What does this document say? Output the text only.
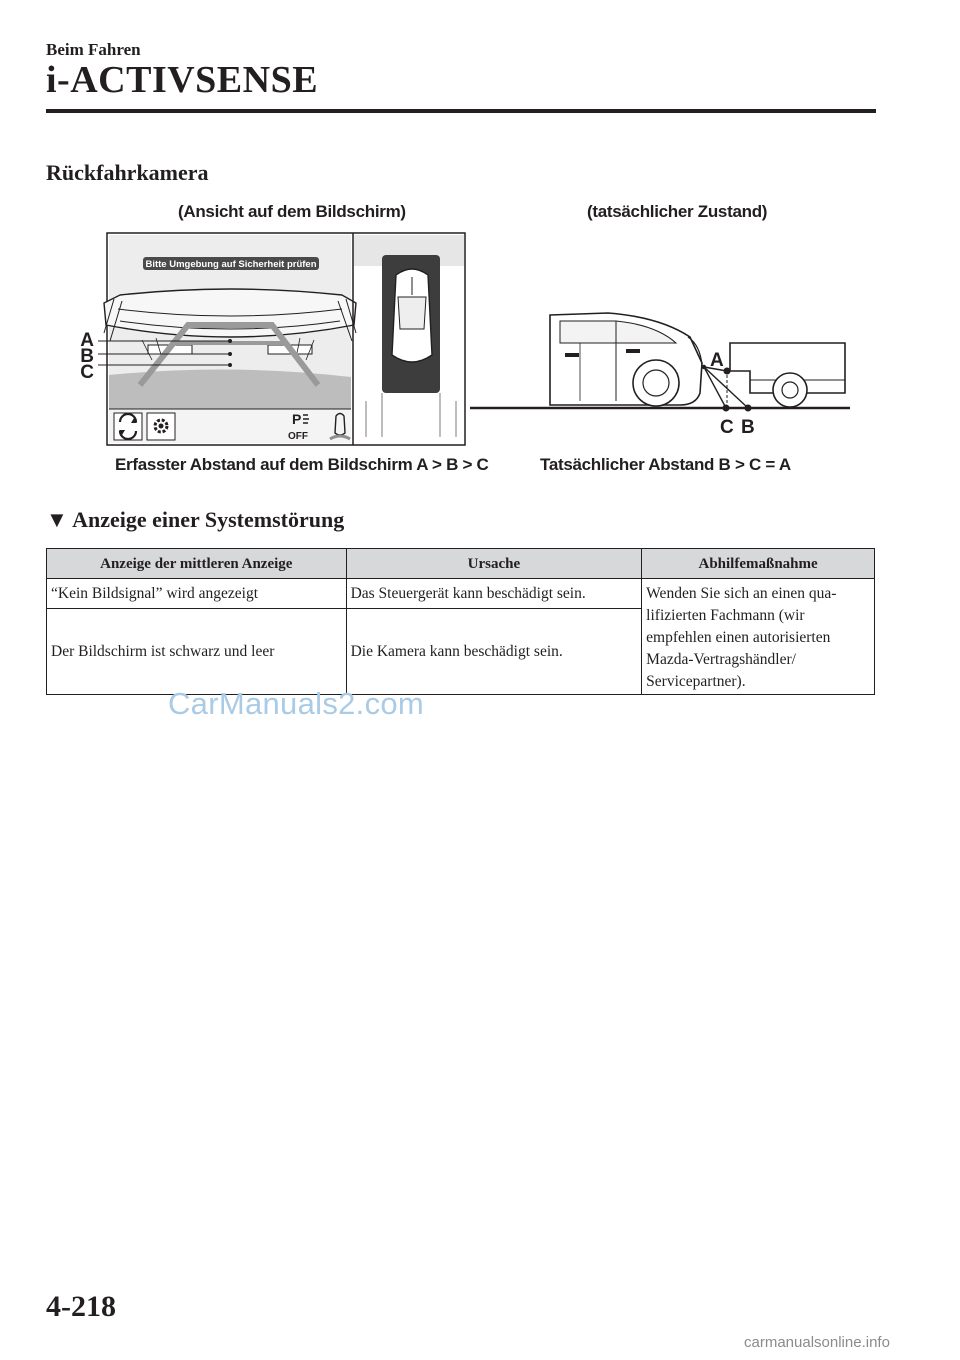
Beim Fahren
i-ACTIVSENSE
Rückfahrkamera
(Ansicht auf dem Bildschirm)	(tatsächlicher Zustand)
Bitte Umgebung auf Sicherheit prüfen
A
B
C
P
OFF
A
C B
Erfasster Abstand auf dem Bildschirm A > B > C	Tatsächlicher Abstand B > C = A
▼ Anzeige einer Systemstörung
Anzeige der mittleren Anzeige	Ursache	Abhilfemaßnahme
“Kein Bildsignal” wird angezeigt	Das Steuergerät kann beschädigt sein.	Wenden Sie sich an einen qua-lifizierten Fachmann (wir empfehlen einen autorisierten Mazda-Vertragshändler/ Servicepartner).
Der Bildschirm ist schwarz und leer	Die Kamera kann beschädigt sein.	
CarManuals2.com
4-218
carmanualsonline.info
